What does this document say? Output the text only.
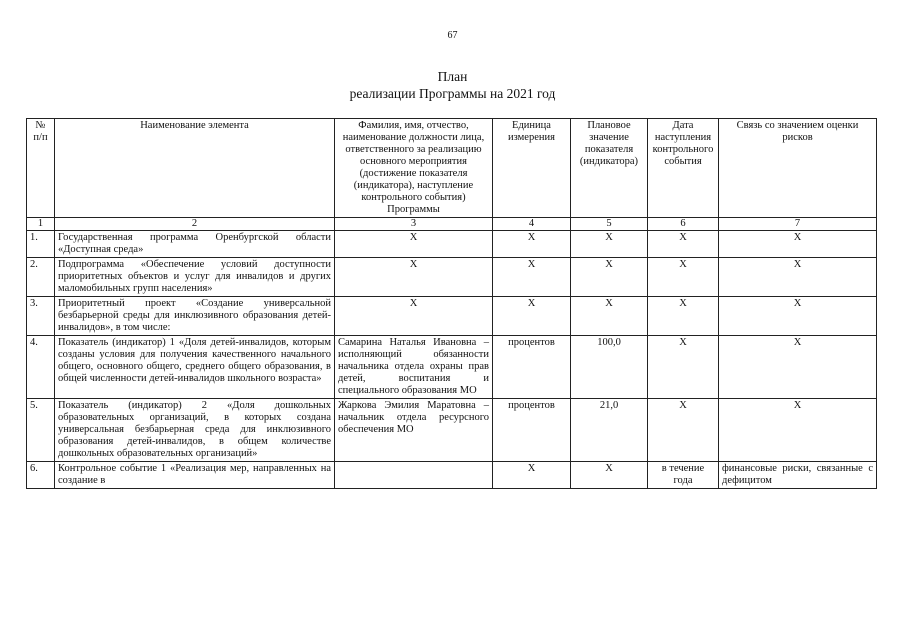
67
План
реализации Программы на 2021 год
№ п/п	Наименование элемента	Фамилия, имя, отчество, наименование должности лица, ответственного за реализацию основного мероприятия (достижение показателя (индикатора), наступление контрольного события) Программы	Единица измерения	Плановое значение показателя (индикатора)	Дата наступления контрольного события	Связь со значением оценки рисков
1	2	3	4	5	6	7
1.	Государственная программа Оренбургской области «Доступная среда»	Х	Х	Х	Х	Х
2.	Подпрограмма «Обеспечение условий доступности приоритетных объектов и услуг для инвалидов и других маломобильных групп населения»	Х	Х	Х	Х	Х
3.	Приоритетный проект «Создание универсальной безбарьерной среды для инклюзивного образования детей-инвалидов», в том числе:	Х	Х	Х	Х	Х
4.	Показатель (индикатор) 1 «Доля детей-инвалидов, которым созданы условия для получения качественного начального общего, основного общего, среднего общего образования, в общей численности детей-инвалидов школьного возраста»	Самарина Наталья Ивановна – исполняющий обязанности начальника отдела охраны прав детей, воспитания и специального образования МО	процентов	100,0	Х	Х
5.	Показатель (индикатор) 2 «Доля дошкольных образовательных организаций, в которых создана универсальная безбарьерная среда для инклюзивного образования детей-инвалидов, в общем количестве дошкольных образовательных организаций»	Жаркова Эмилия Маратовна – начальник отдела ресурсного обеспечения МО	процентов	21,0	Х	Х
6.	Контрольное событие 1 «Реализация мер, направленных на создание в		Х	Х	в течение года	финансовые риски, связанные с дефицитом
